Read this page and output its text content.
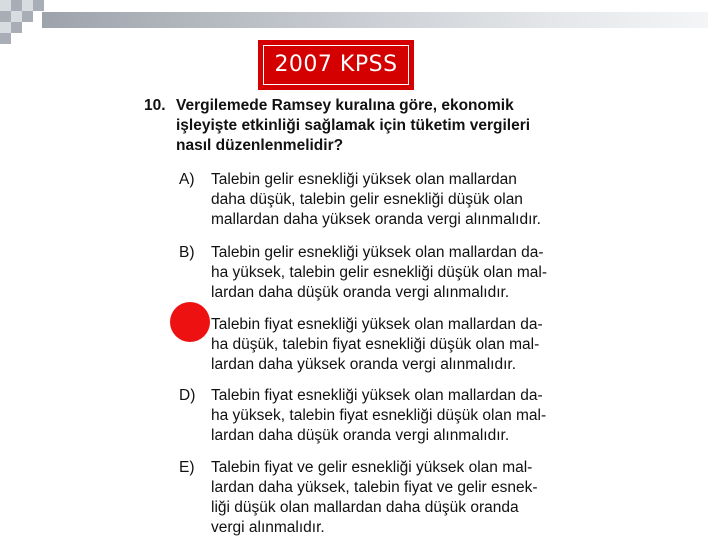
2007 KPSS
10. Vergilemede Ramsey kuralına göre, ekonomik
işleyişte etkinliği sağlamak için tüketim vergileri
nasıl düzenlenmelidir?
A)	Talebin gelir esnekliği yüksek olan mallardan
daha düşük, talebin gelir esnekliği düşük olan
mallardan daha yüksek oranda vergi alınmalıdır.
B)	Talebin gelir esnekliği yüksek olan mallardan da-
ha yüksek, talebin gelir esnekliği düşük olan mal-
lardan daha düşük oranda vergi alınmalıdır.
Talebin fiyat esnekliği yüksek olan mallardan da-
ha düşük, talebin fiyat esnekliği düşük olan mal-
lardan daha yüksek oranda vergi alınmalıdır.
D)	Talebin fiyat esnekliği yüksek olan mallardan da-
ha yüksek, talebin fiyat esnekliği düşük olan mal-
lardan daha düşük oranda vergi alınmalıdır.
E)	Talebin fiyat ve gelir esnekliği yüksek olan mal-
lardan daha yüksek, talebin fiyat ve gelir esnek-
liği düşük olan mallardan daha düşük oranda
vergi alınmalıdır.
